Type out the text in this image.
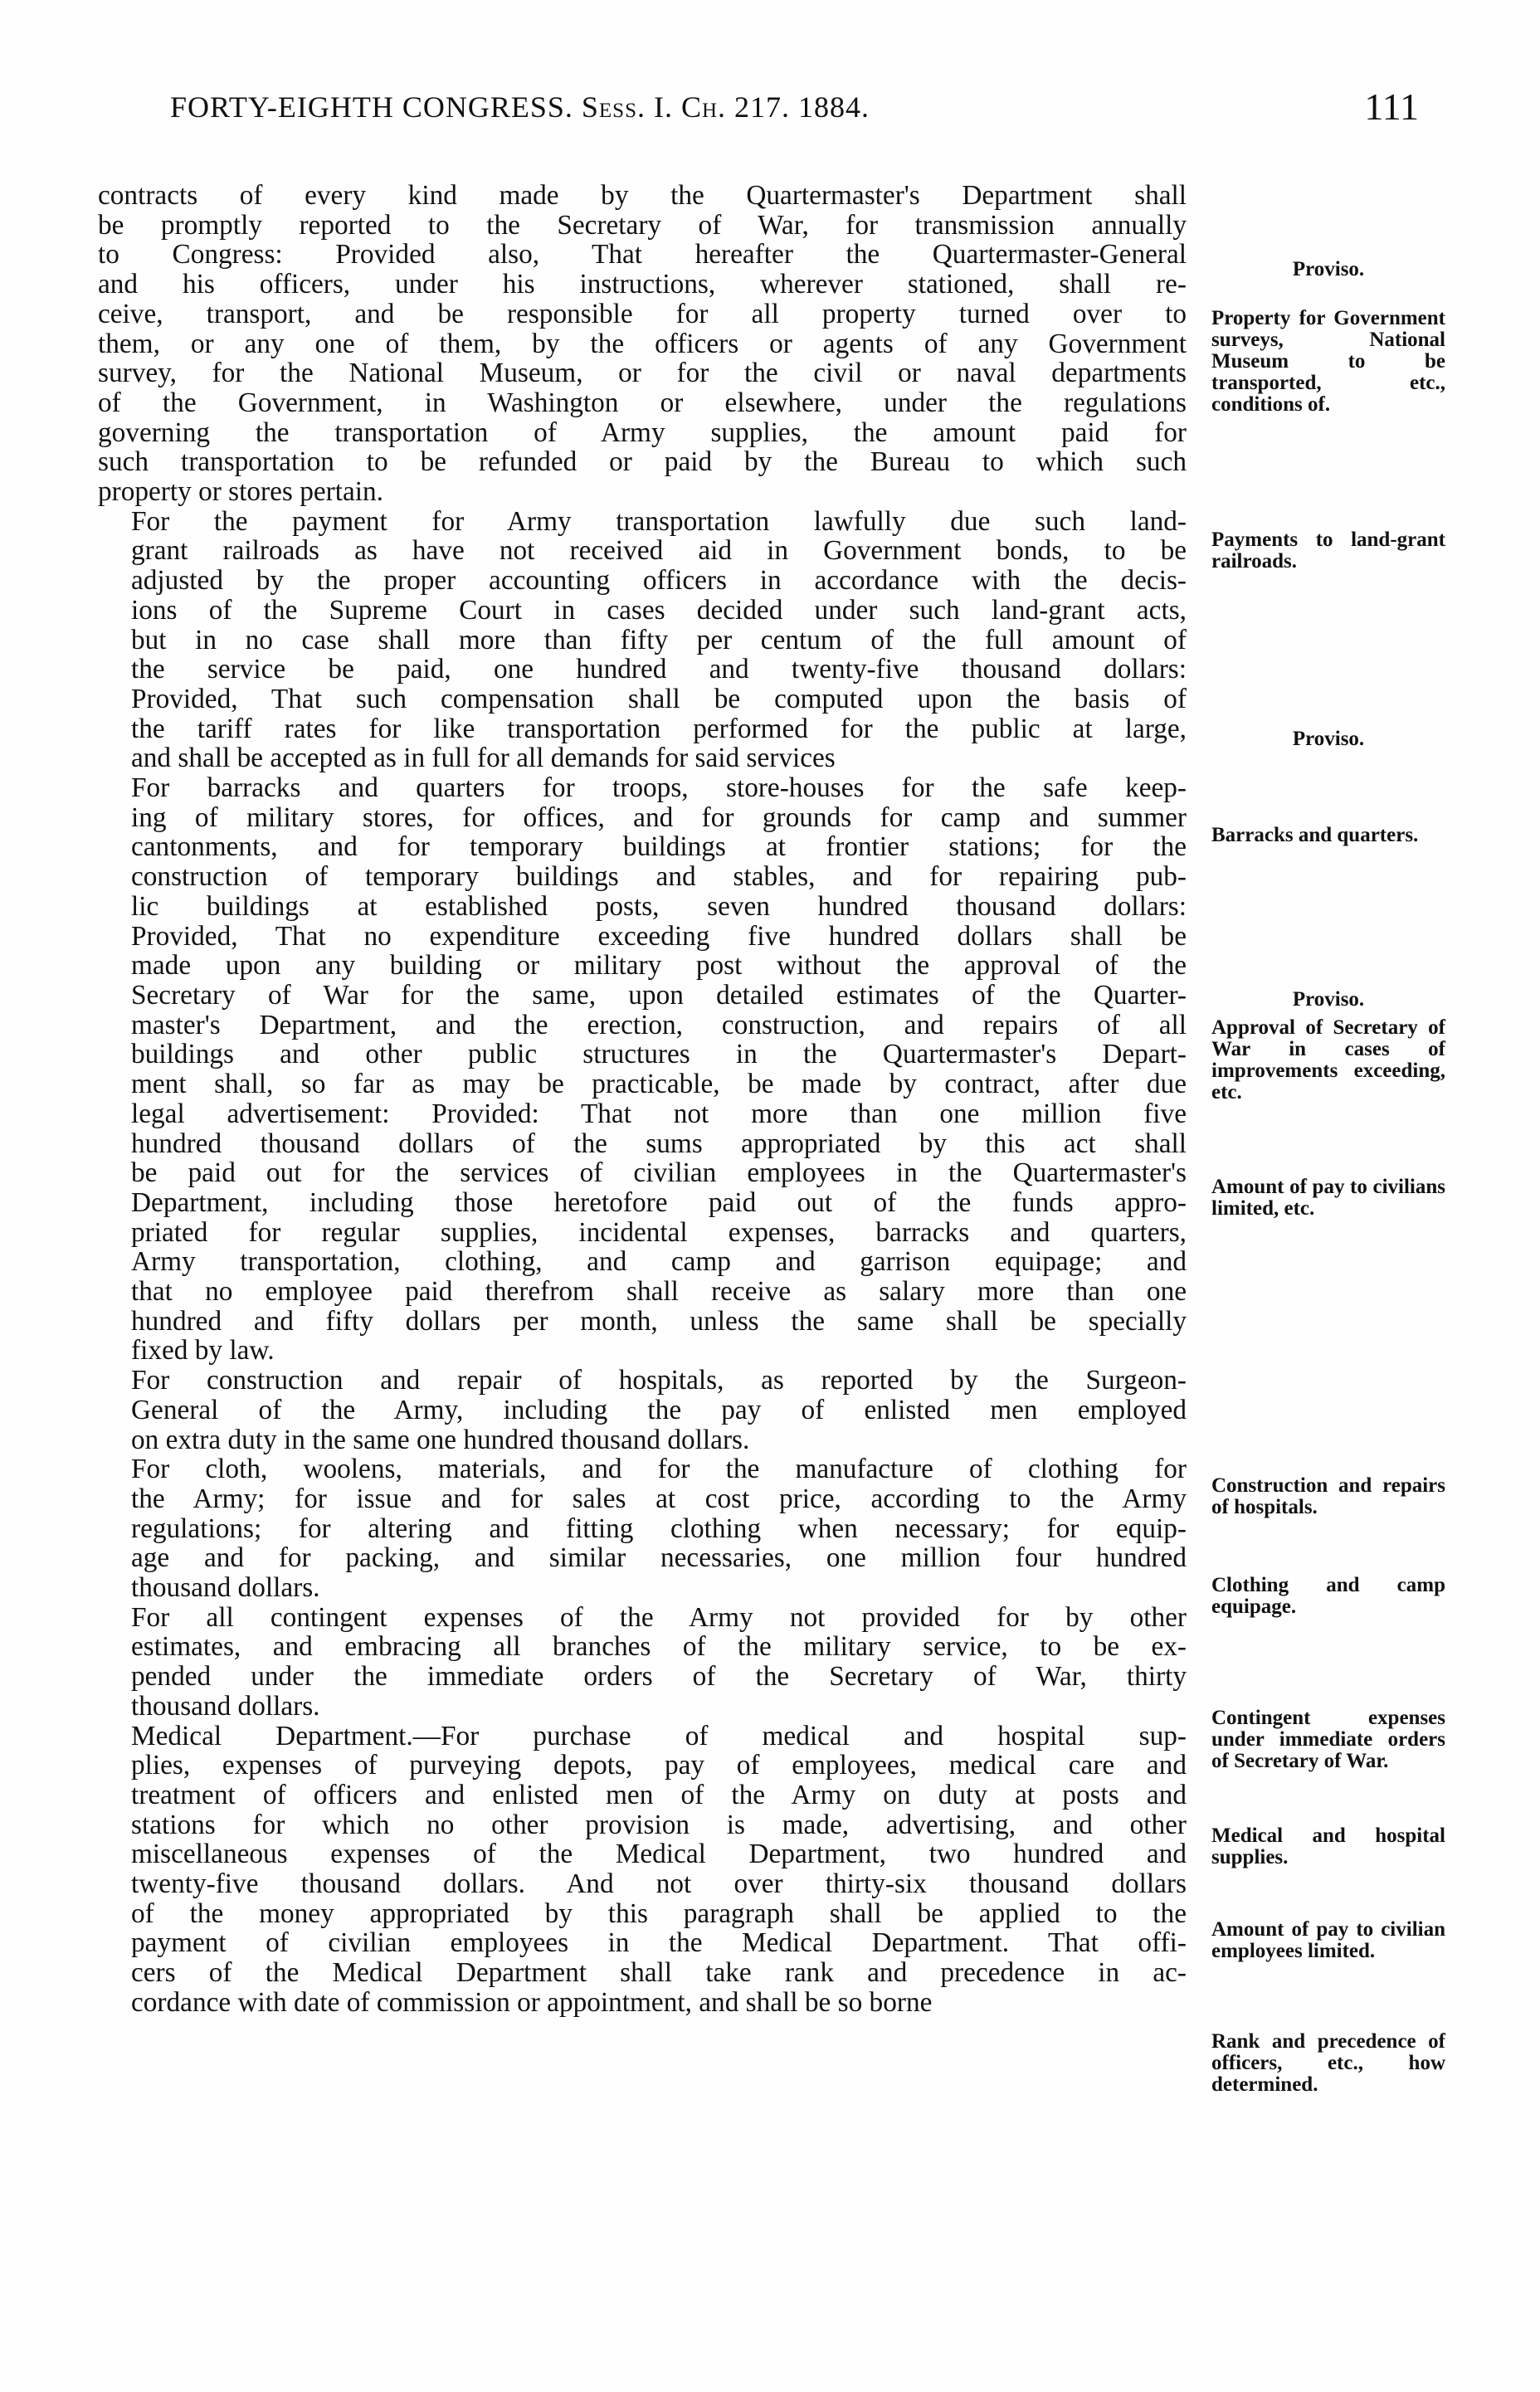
FORTY-EIGHTH CONGRESS. Sess. I. Ch. 217. 1884.	111

contracts of every kind made by the Quartermaster's Department shall
be promptly reported to the Secretary of War, for transmission annually
to Congress: Provided also, That hereafter the Quartermaster-General
and his officers, under his instructions, wherever stationed, shall re-
ceive, transport, and be responsible for all property turned over to
them, or any one of them, by the officers or agents of any Government
survey, for the National Museum, or for the civil or naval departments
of the Government, in Washington or elsewhere, under the regulations
governing the transportation of Army supplies, the amount paid for
such transportation to be refunded or paid by the Bureau to which such
property or stores pertain.

For the payment for Army transportation lawfully due such land-
grant railroads as have not received aid in Government bonds, to be
adjusted by the proper accounting officers in accordance with the decis-
ions of the Supreme Court in cases decided under such land-grant acts,
but in no case shall more than fifty per centum of the full amount of
the service be paid, one hundred and twenty-five thousand dollars:
Provided, That such compensation shall be computed upon the basis of
the tariff rates for like transportation performed for the public at large,
and shall be accepted as in full for all demands for said services

For barracks and quarters for troops, store-houses for the safe keep-
ing of military stores, for offices, and for grounds for camp and summer
cantonments, and for temporary buildings at frontier stations; for the
construction of temporary buildings and stables, and for repairing pub-
lic buildings at established posts, seven hundred thousand dollars:
Provided, That no expenditure exceeding five hundred dollars shall be
made upon any building or military post without the approval of the
Secretary of War for the same, upon detailed estimates of the Quarter-
master's Department, and the erection, construction, and repairs of all
buildings and other public structures in the Quartermaster's Depart-
ment shall, so far as may be practicable, be made by contract, after due
legal advertisement: Provided: That not more than one million five
hundred thousand dollars of the sums appropriated by this act shall
be paid out for the services of civilian employees in the Quartermaster's
Department, including those heretofore paid out of the funds appro-
priated for regular supplies, incidental expenses, barracks and quarters,
Army transportation, clothing, and camp and garrison equipage; and
that no employee paid therefrom shall receive as salary more than one
hundred and fifty dollars per month, unless the same shall be specially
fixed by law.

For construction and repair of hospitals, as reported by the Surgeon-
General of the Army, including the pay of enlisted men employed
on extra duty in the same one hundred thousand dollars.

For cloth, woolens, materials, and for the manufacture of clothing for
the Army; for issue and for sales at cost price, according to the Army
regulations; for altering and fitting clothing when necessary; for equip-
age and for packing, and similar necessaries, one million four hundred
thousand dollars.

For all contingent expenses of the Army not provided for by other
estimates, and embracing all branches of the military service, to be ex-
pended under the immediate orders of the Secretary of War, thirty
thousand dollars.

Medical Department.—For purchase of medical and hospital sup-
plies, expenses of purveying depots, pay of employees, medical care and
treatment of officers and enlisted men of the Army on duty at posts and
stations for which no other provision is made, advertising, and other
miscellaneous expenses of the Medical Department, two hundred and
twenty-five thousand dollars. And not over thirty-six thousand dollars
of the money appropriated by this paragraph shall be applied to the
payment of civilian employees in the Medical Department. That offi-
cers of the Medical Department shall take rank and precedence in ac-
cordance with date of commission or appointment, and shall be so borne

Proviso.
Property for Government surveys, National Museum to be transported, etc., conditions of.
Payments to land-grant railroads.
Proviso.
Barracks and quarters.
Proviso.
Approval of Secretary of War in cases of improvements exceeding, etc.
Amount of pay to civilians limited, etc.
Construction and repairs of hospitals.
Clothing and camp equipage.
Contingent expenses under immediate orders of Secretary of War.
Medical and hospital supplies.
Amount of pay to civilian employees limited.
Rank and precedence of officers, etc., how determined.
